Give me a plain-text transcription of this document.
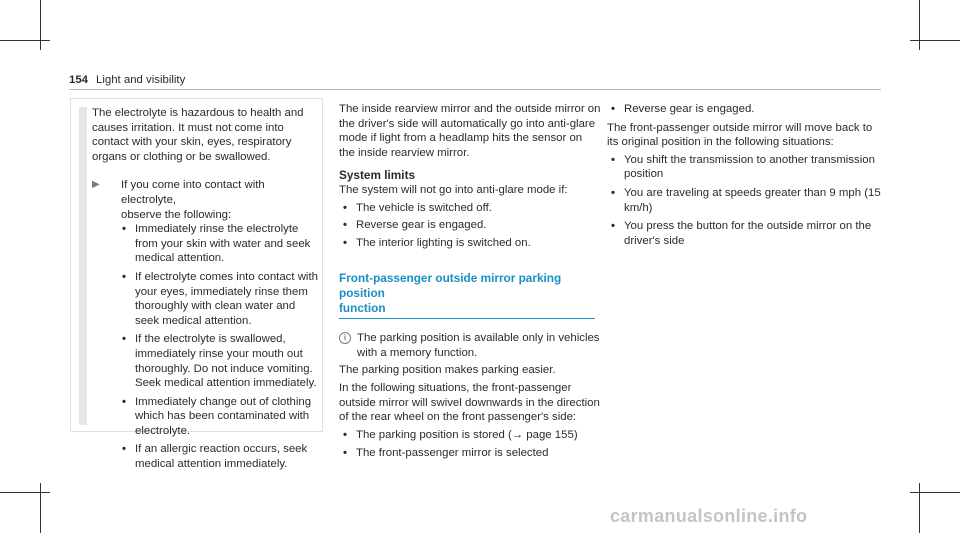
154 Light and visibility

The electrolyte is hazardous to health and causes irritation. It must not come into contact with your skin, eyes, respiratory organs or clothing or be swallowed.

▶ If you come into contact with electrolyte,

observe the following:

• Immediately rinse the electrolyte from your skin with water and seek medical attention.
• If electrolyte comes into contact with your eyes, immediately rinse them thoroughly with clean water and seek medical attention.
• If the electrolyte is swallowed, immediately rinse your mouth out thoroughly. Do not induce vomiting. Seek medical attention immediately.
• Immediately change out of clothing which has been contaminated with electrolyte.
• If an allergic reaction occurs, seek medical attention immediately.

The inside rearview mirror and the outside mirror on the driver's side will automatically go into anti-glare mode if light from a headlamp hits the sensor on the inside rearview mirror.

System limits

The system will not go into anti-glare mode if:

• The vehicle is switched off.
• Reverse gear is engaged.
• The interior lighting is switched on.

Front-passenger outside mirror parking position

function

i The parking position is available only in vehicles with a memory function.

The parking position makes parking easier.

In the following situations, the front-passenger outside mirror will swivel downwards in the direction of the rear wheel on the front passenger's side:

• The parking position is stored (→ page 155)
• The front-passenger mirror is selected
• Reverse gear is engaged.

The front-passenger outside mirror will move back to its original position in the following situations:

• You shift the transmission to another transmission position
• You are traveling at speeds greater than 9 mph (15 km/h)
• You press the button for the outside mirror on the driver's side
carmanualsonline.info
